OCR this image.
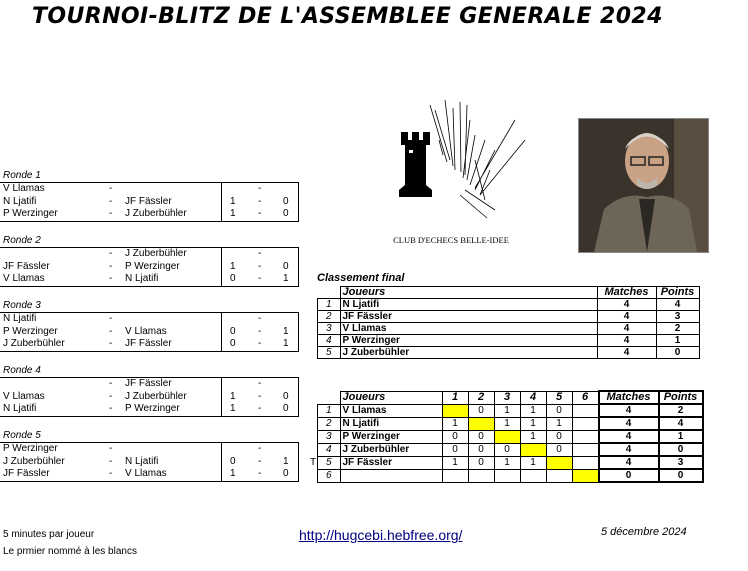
TOURNOI-BLITZ DE L'ASSEMBLEE GENERALE 2024
Ronde 1
V Llamas	-	-
N Ljatifi	- JF Fässler	1 - 0
P Werzinger	- J Zuberbühler	1 - 0
Ronde 2
- J Zuberbühler	-
JF Fässler	- P Werzinger	1 - 0
V Llamas	- N Ljatifi	0 - 1
Ronde 3
N Ljatifi	-	-
P Werzinger	- V Llamas	0 - 1
J Zuberbühler	- JF Fässler	0 - 1
Ronde 4
- JF Fässler	-
V Llamas	- J Zuberbühler	1 - 0
N Ljatifi	- P Werzinger	1 - 0
Ronde 5
P Werzinger	-	-
J Zuberbühler	- N Ljatifi	0 - 1
JF Fässler	- V Llamas	1 - 0
CLUB D'ECHECS BELLE-IDEE
Classement final
	Joueurs	Matches	Points
1	N Ljatifi	4	4
2	JF Fässler	4	3
3	V Llamas	4	2
4	P Werzinger	4	1
5	J Zuberbühler	4	0
	Joueurs	1	2	3	4	5	6	Matches	Points
1	V Llamas		0	1	1	0		4	2
2	N Ljatifi	1		1	1	1		4	4
3	P Werzinger	0	0		1	0		4	1
4	J Zuberbühler	0	0	0		0		4	0
5	JF Fässler	1	0	1	1			4	3
6								0	0
T
5 minutes par joueur
Le prmier nommé à les blancs
http://hugcebi.hebfree.org/	5 décembre 2024
